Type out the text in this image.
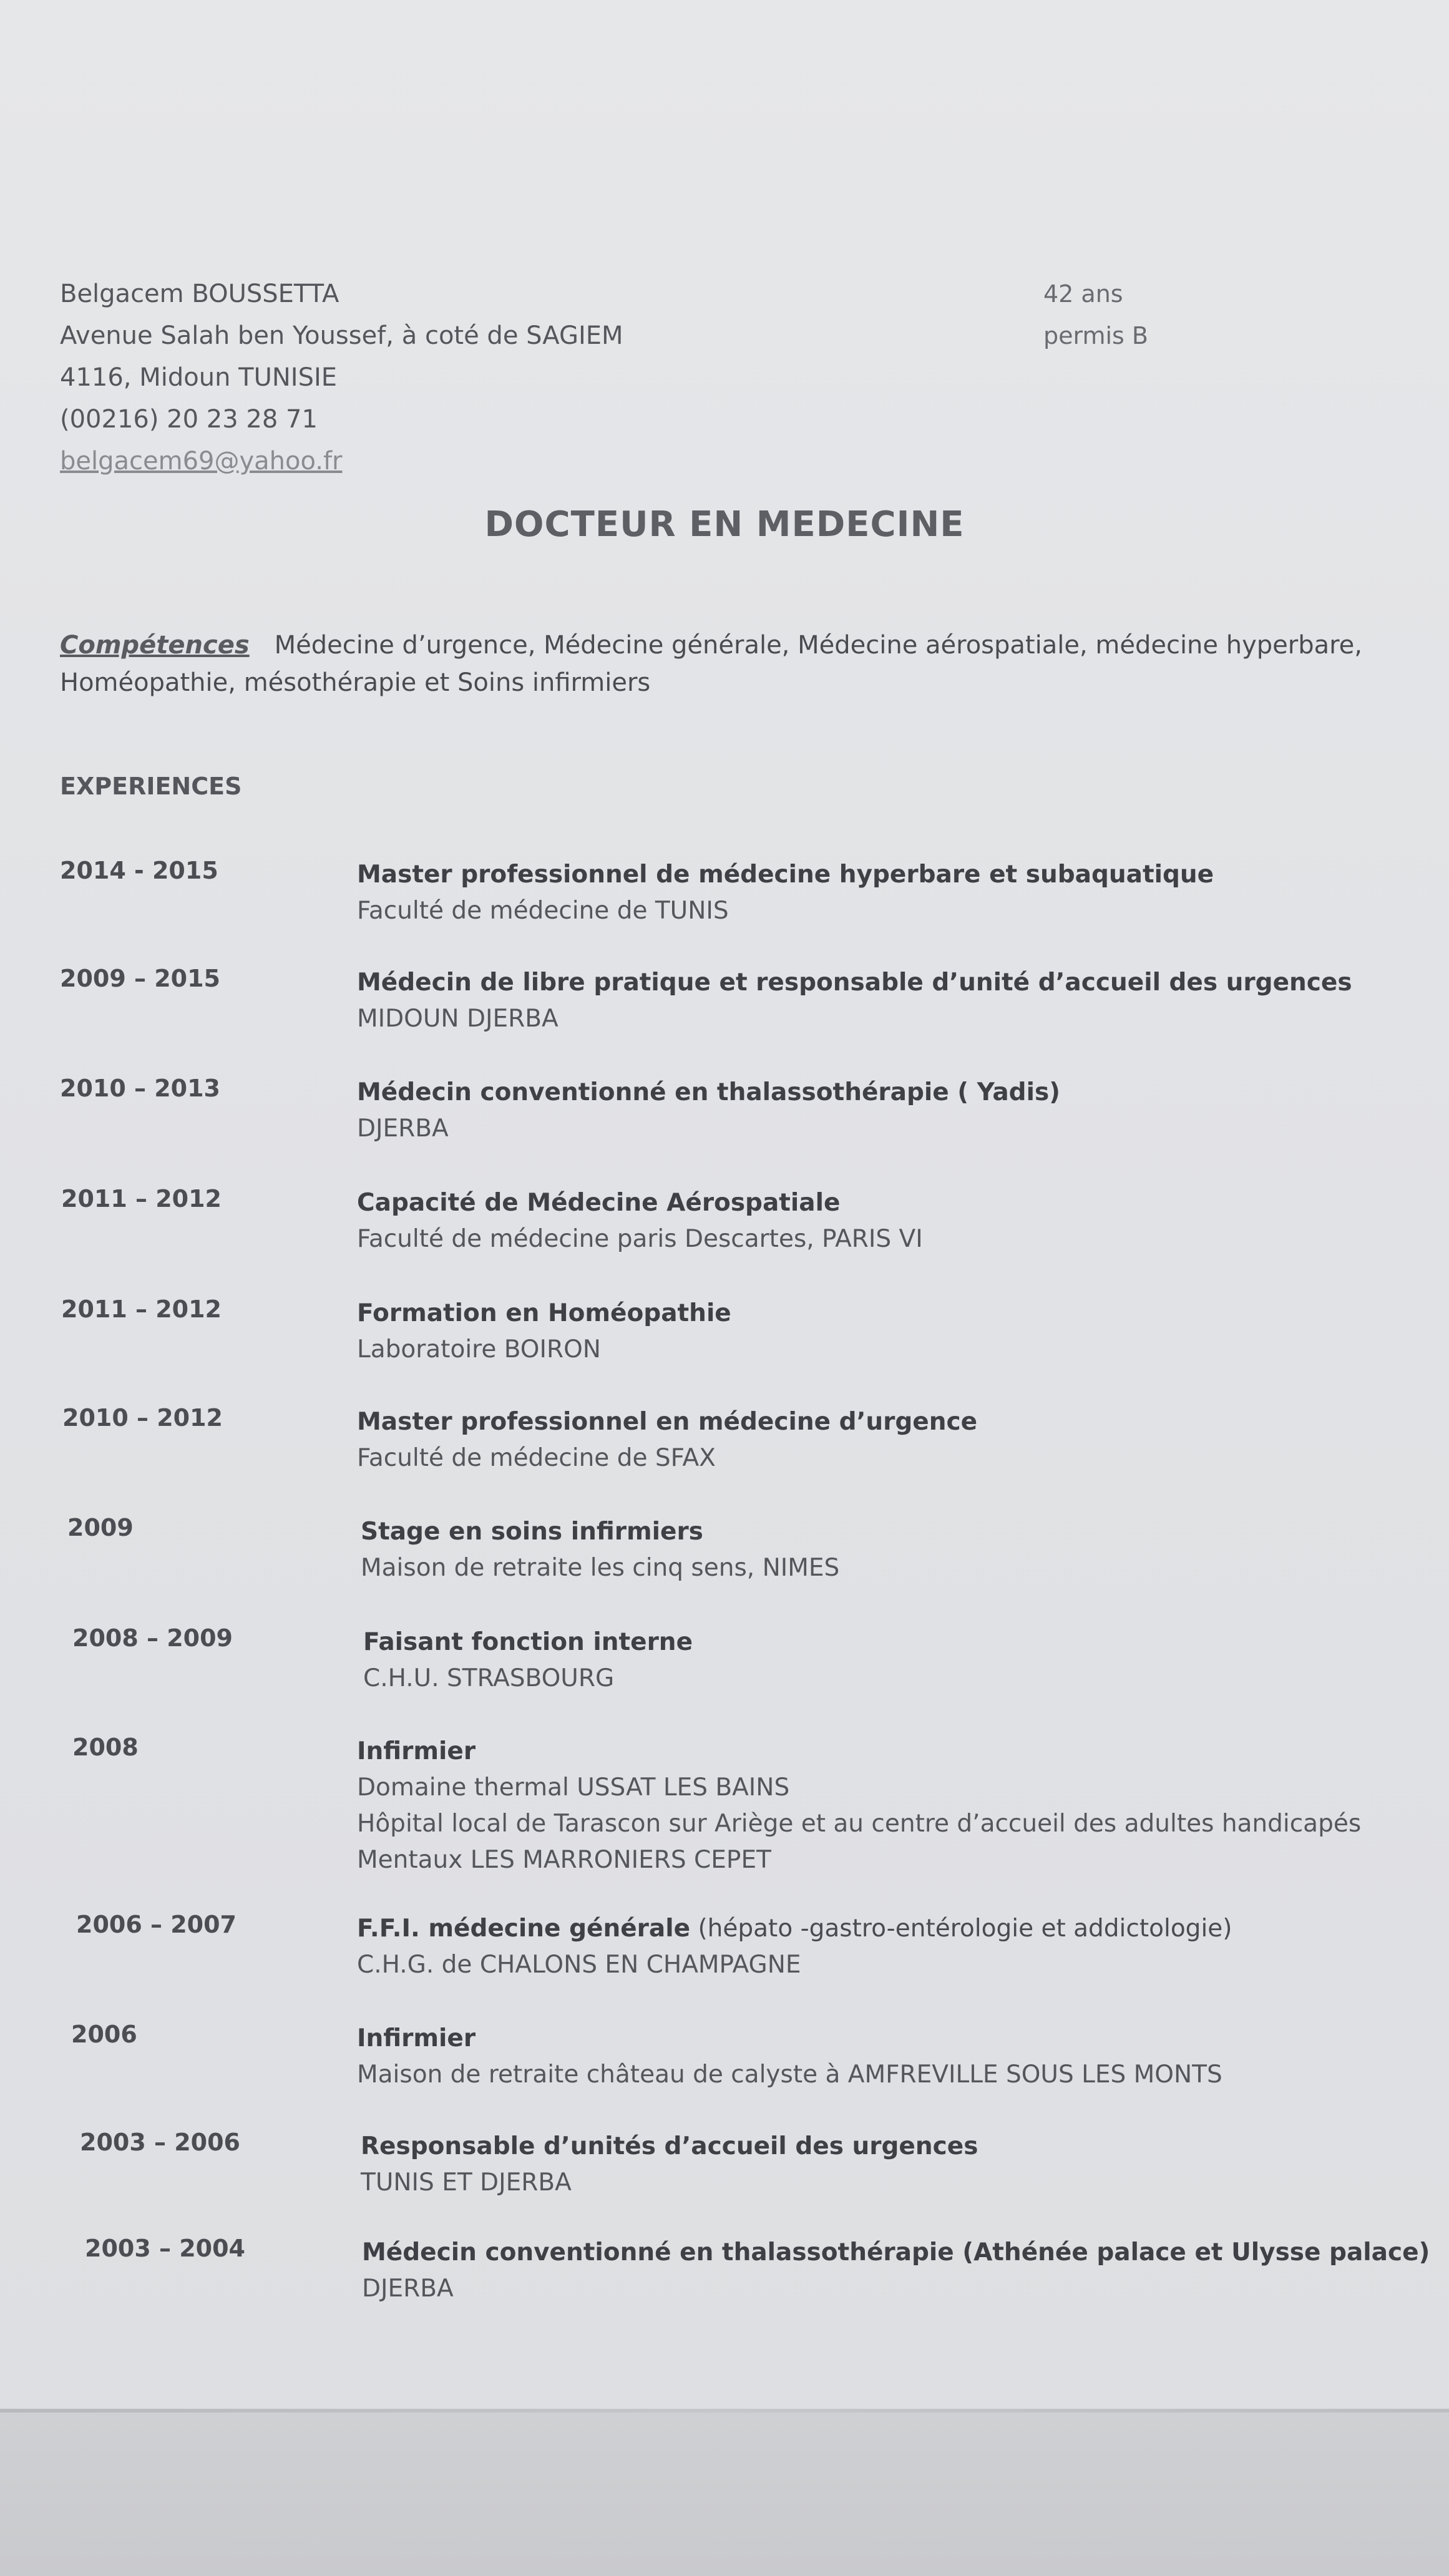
Belgacem BOUSSETTA
Avenue Salah ben Youssef, à coté de SAGIEM
4116, Midoun TUNISIE
(00216) 20 23 28 71
belgacem69@yahoo.fr
42 ans
permis B
DOCTEUR EN MEDECINE
Compétences Médecine d’urgence, Médecine générale, Médecine aérospatiale, médecine hyperbare, Homéopathie, mésothérapie et Soins infirmiers
EXPERIENCES
2014 - 2015	Master professionnel de médecine hyperbare et subaquatique
Faculté de médecine de TUNIS
2009 – 2015	Médecin de libre pratique et responsable d’unité d’accueil des urgences
MIDOUN DJERBA
2010 – 2013	Médecin conventionné en thalassothérapie ( Yadis)
DJERBA
2011 – 2012	Capacité de Médecine Aérospatiale
Faculté de médecine paris Descartes, PARIS VI
2011 – 2012	Formation en Homéopathie
Laboratoire BOIRON
2010 – 2012	Master professionnel en médecine d’urgence
Faculté de médecine de SFAX
2009	Stage en soins infirmiers
Maison de retraite les cinq sens, NIMES
2008 – 2009	Faisant fonction interne
C.H.U. STRASBOURG
2008	Infirmier
Domaine thermal USSAT LES BAINS
Hôpital local de Tarascon sur Ariège et au centre d’accueil des adultes handicapés
Mentaux LES MARRONIERS CEPET
2006 – 2007	F.F.I. médecine générale (hépato -gastro-entérologie et addictologie)
C.H.G. de CHALONS EN CHAMPAGNE
2006	Infirmier
Maison de retraite château de calyste à AMFREVILLE SOUS LES MONTS
2003 – 2006	Responsable d’unités d’accueil des urgences
TUNIS ET DJERBA
2003 – 2004	Médecin conventionné en thalassothérapie (Athénée palace et Ulysse palace)
DJERBA
